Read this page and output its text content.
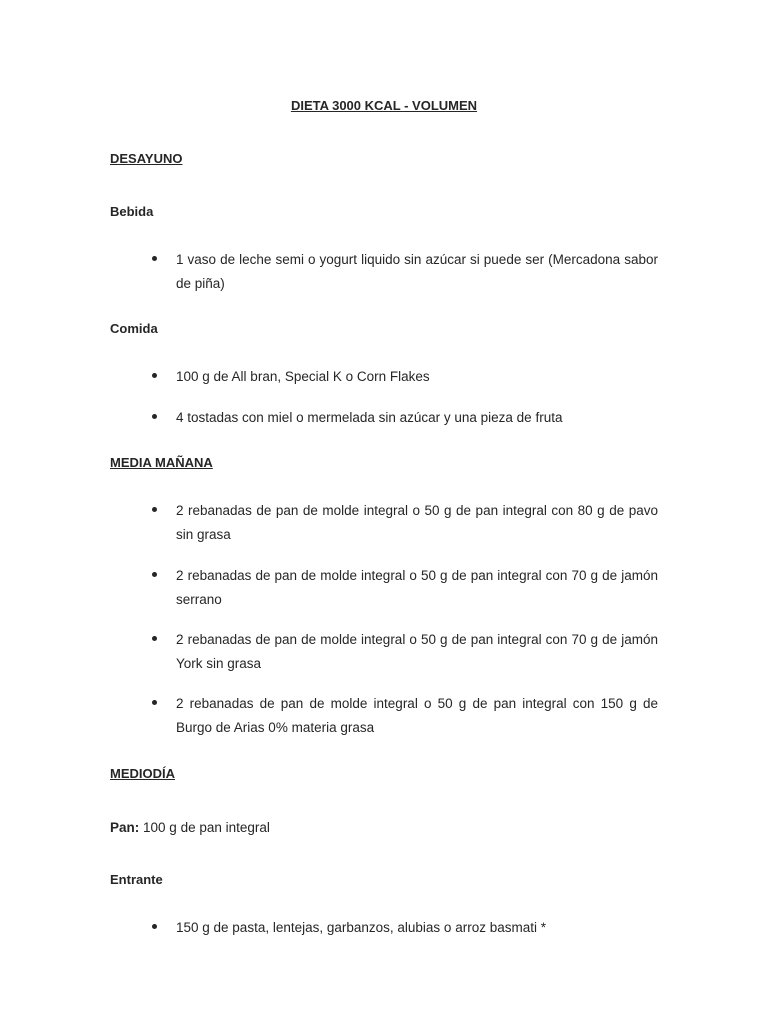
DIETA 3000 KCAL - VOLUMEN
DESAYUNO
Bebida
1 vaso de leche semi o yogurt liquido sin azúcar si puede ser (Mercadona sabor de piña)
Comida
100 g de All bran, Special K o Corn Flakes
4 tostadas con miel o mermelada sin azúcar y una pieza de fruta
MEDIA MAÑANA
2 rebanadas de pan de molde integral o 50 g de pan integral con 80 g de pavo sin grasa
2 rebanadas de pan de molde integral o 50 g de pan integral con 70 g de jamón serrano
2 rebanadas de pan de molde integral o 50 g de pan integral con 70 g de jamón York sin grasa
2 rebanadas de pan de molde integral o 50 g de pan integral con 150 g de Burgo de Arias 0% materia grasa
MEDIODÍA
Pan: 100 g de pan integral
Entrante
150 g de pasta, lentejas, garbanzos, alubias o arroz basmati *
